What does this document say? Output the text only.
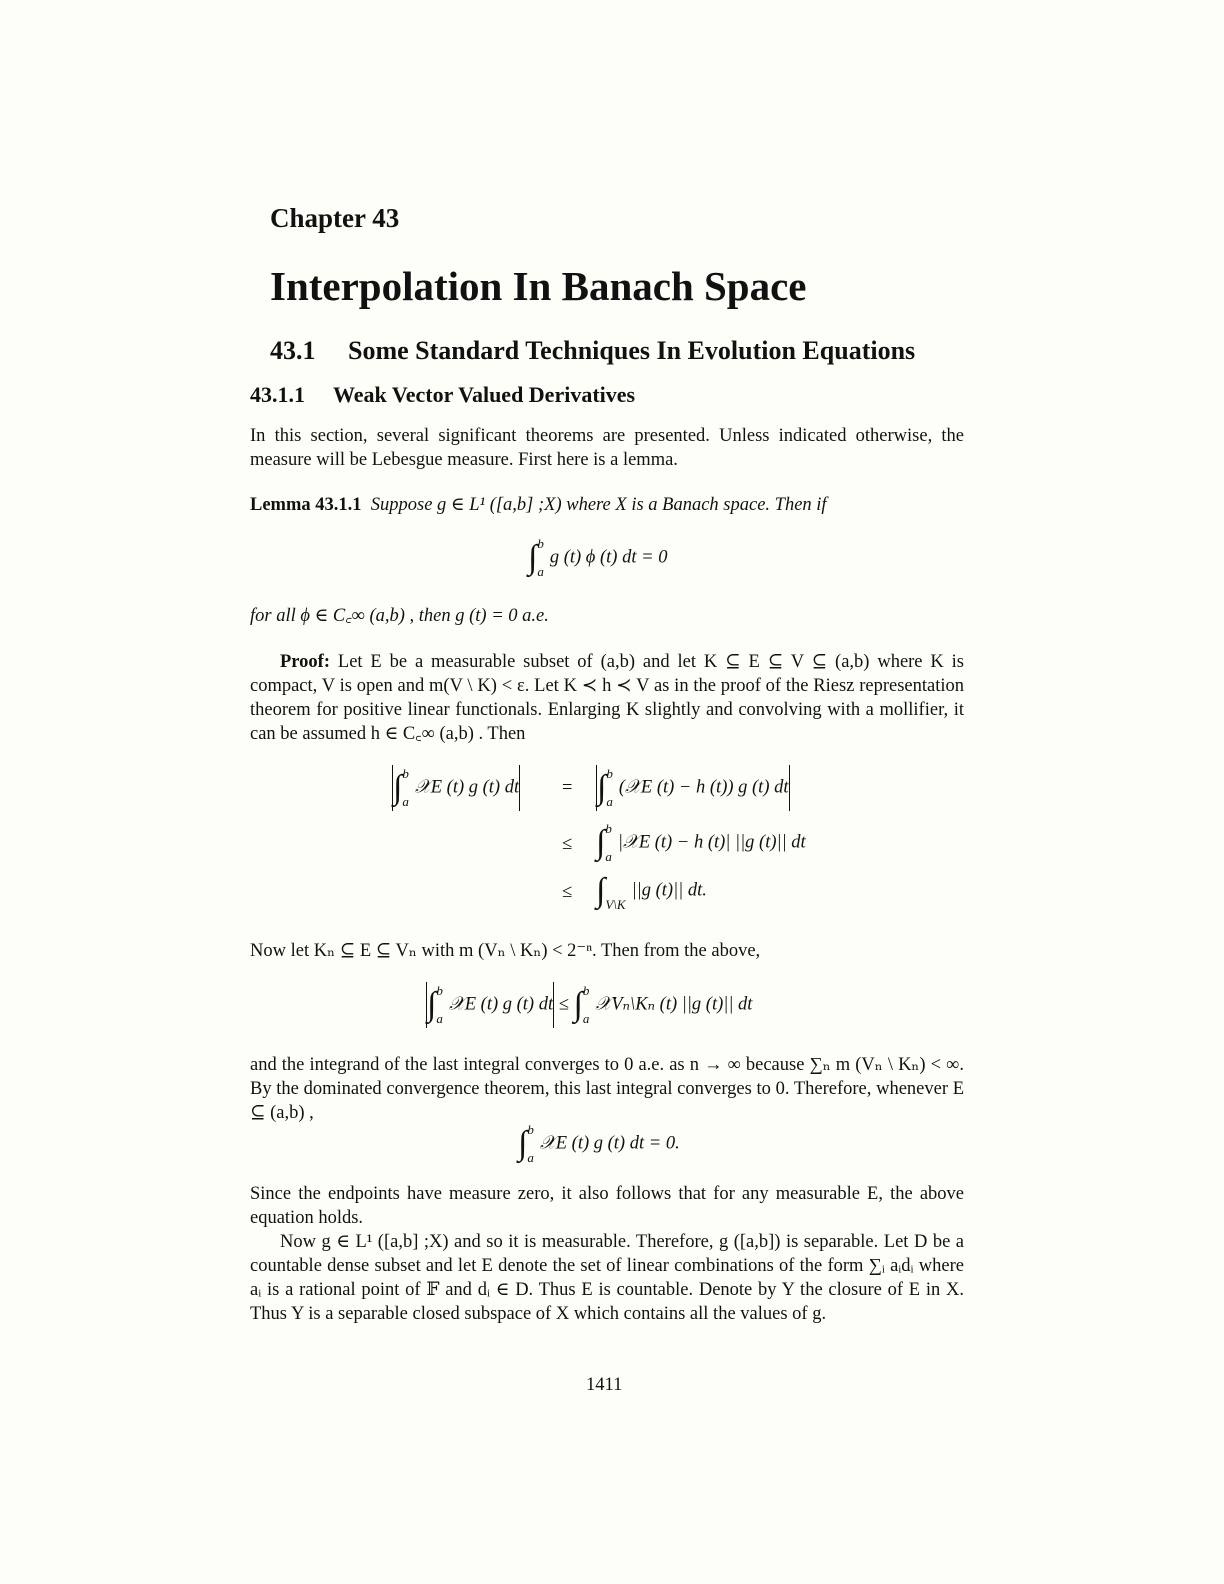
Chapter 43
Interpolation In Banach Space
43.1 Some Standard Techniques In Evolution Equations
43.1.1 Weak Vector Valued Derivatives

In this section, several significant theorems are presented. Unless indicated otherwise, the measure will be Lebesgue measure. First here is a lemma.

Lemma 43.1.1 Suppose g ∈ L¹ ([a,b] ;X) where X is a Banach space. Then if

∫ b
a
g (t) ϕ (t) dt = 0

for all ϕ ∈ C꜀∞ (a,b) , then g (t) = 0 a.e.

Proof: Let E be a measurable subset of (a,b) and let K ⊆ E ⊆ V ⊆ (a,b) where K is compact, V is open and m(V \ K) < ε. Let K ≺ h ≺ V as in the proof of the Riesz representation theorem for positive linear functionals. Enlarging K slightly and convolving with a mollifier, it can be assumed h ∈ C꜀∞ (a,b) . Then

∫ b
a
𝒳E (t) g (t) dt = ∫ b
a
(𝒳E (t) − h (t)) g (t) dt
≤ ∫ b
a
|𝒳E (t) − h (t)| ||g (t)|| dt
≤ ∫ V\K
||g (t)|| dt.

Now let Kₙ ⊆ E ⊆ Vₙ with m (Vₙ \ Kₙ) < 2⁻ⁿ. Then from the above,

∫ b
a
𝒳E (t) g (t) dt ≤ ∫ b
a
𝒳Vₙ\Kₙ (t) ||g (t)|| dt

and the integrand of the last integral converges to 0 a.e. as n → ∞ because ∑ₙ m (Vₙ \ Kₙ) < ∞. By the dominated convergence theorem, this last integral converges to 0. Therefore, whenever E ⊆ (a,b) ,

∫ b
a
𝒳E (t) g (t) dt = 0.

Since the endpoints have measure zero, it also follows that for any measurable E, the above equation holds.

Now g ∈ L¹ ([a,b] ;X) and so it is measurable. Therefore, g ([a,b]) is separable. Let D be a countable dense subset and let E denote the set of linear combinations of the form ∑ᵢ aᵢdᵢ where aᵢ is a rational point of 𝔽 and dᵢ ∈ D. Thus E is countable. Denote by Y the closure of E in X. Thus Y is a separable closed subspace of X which contains all the values of g.

1411
